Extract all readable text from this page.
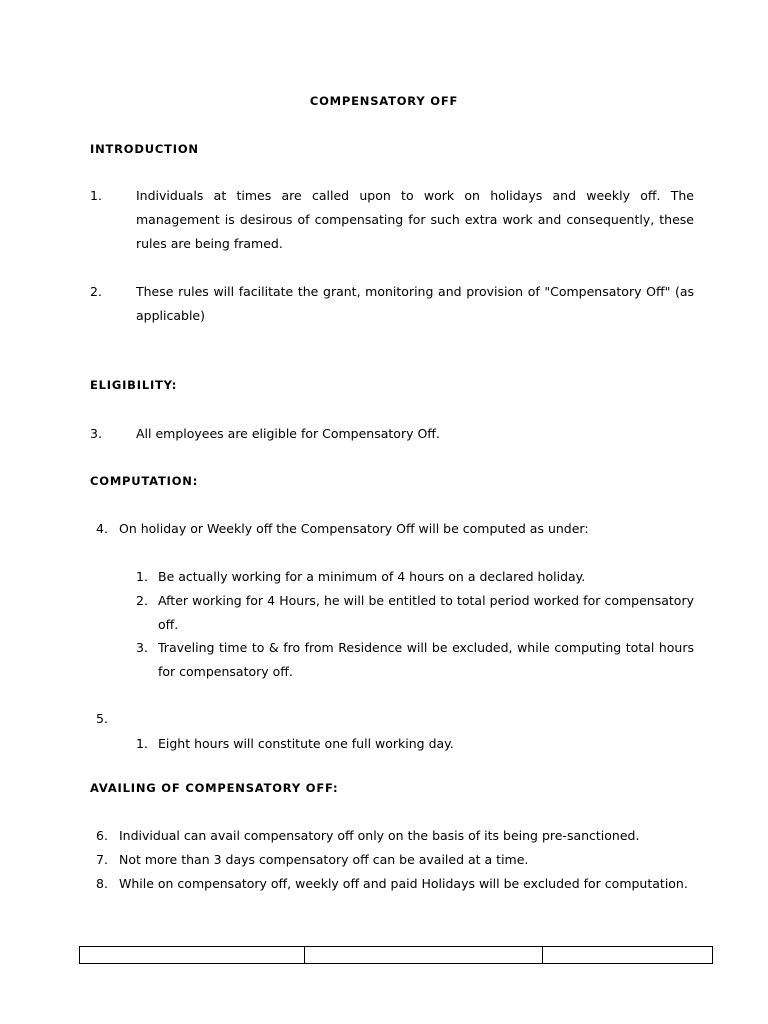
COMPENSATORY OFF
INTRODUCTION
1.	Individuals at times are called upon to work on holidays and weekly off. The management is desirous of compensating for such extra work and consequently, these rules are being framed.
2.	These rules will facilitate the grant, monitoring and provision of "Compensatory Off" (as applicable)
ELIGIBILITY:
3.	All employees are eligible for Compensatory Off.
COMPUTATION:
4. On holiday or Weekly off the Compensatory Off will be computed as under:
1. Be actually working for a minimum of 4 hours on a declared holiday.
2. After working for 4 Hours, he will be entitled to total period worked for compensatory off.
3. Traveling time to & fro from Residence will be excluded, while computing total hours for compensatory off.
5.
1. Eight hours will constitute one full working day.
AVAILING OF COMPENSATORY OFF:
6. Individual can avail compensatory off only on the basis of its being pre-sanctioned.
7. Not more than 3 days compensatory off can be availed at a time.
8. While on compensatory off, weekly off and paid Holidays will be excluded for computation.
